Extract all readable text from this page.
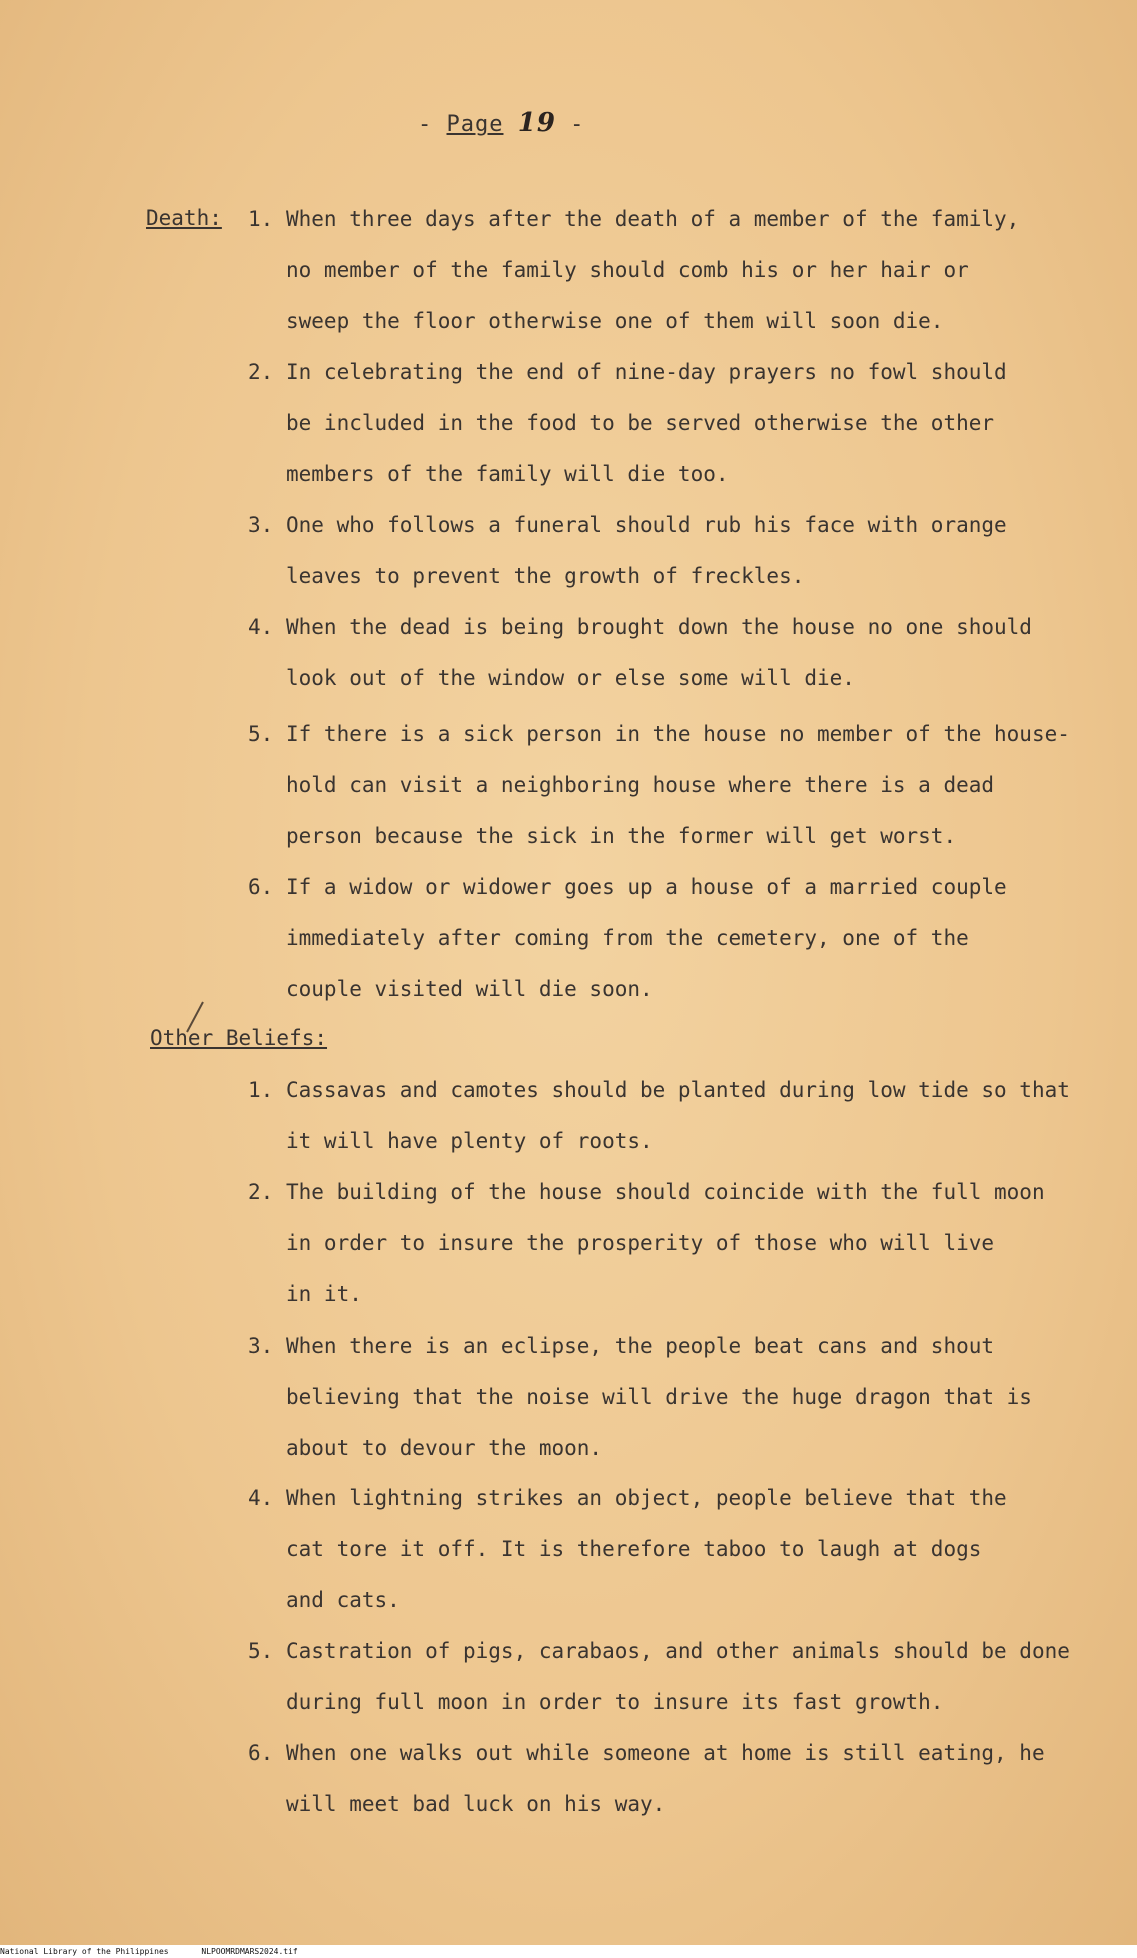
- Page 19 -
Death: 1. When three days after the death of a member of the family,
no member of the family should comb his or her hair or
sweep the floor otherwise one of them will soon die.
2. In celebrating the end of nine-day prayers no fowl should
be included in the food to be served otherwise the other
members of the family will die too.
3. One who follows a funeral should rub his face with orange
leaves to prevent the growth of freckles.
4. When the dead is being brought down the house no one should
look out of the window or else some will die.
5. If there is a sick person in the house no member of the house-
hold can visit a neighboring house where there is a dead
person because the sick in the former will get worst.
6. If a widow or widower goes up a house of a married couple
immediately after coming from the cemetery, one of the
couple visited will die soon.
Other Beliefs:
1. Cassavas and camotes should be planted during low tide so that
it will have plenty of roots.
2. The building of the house should coincide with the full moon
in order to insure the prosperity of those who will live
in it.
3. When there is an eclipse, the people beat cans and shout
believing that the noise will drive the huge dragon that is
about to devour the moon.
4. When lightning strikes an object, people believe that the
cat tore it off. It is therefore taboo to laugh at dogs
and cats.
5. Castration of pigs, carabaos, and other animals should be done
during full moon in order to insure its fast growth.
6. When one walks out while someone at home is still eating, he
will meet bad luck on his way.
National Library of the Philippines	NLPOOMRDMARS2024.tif
